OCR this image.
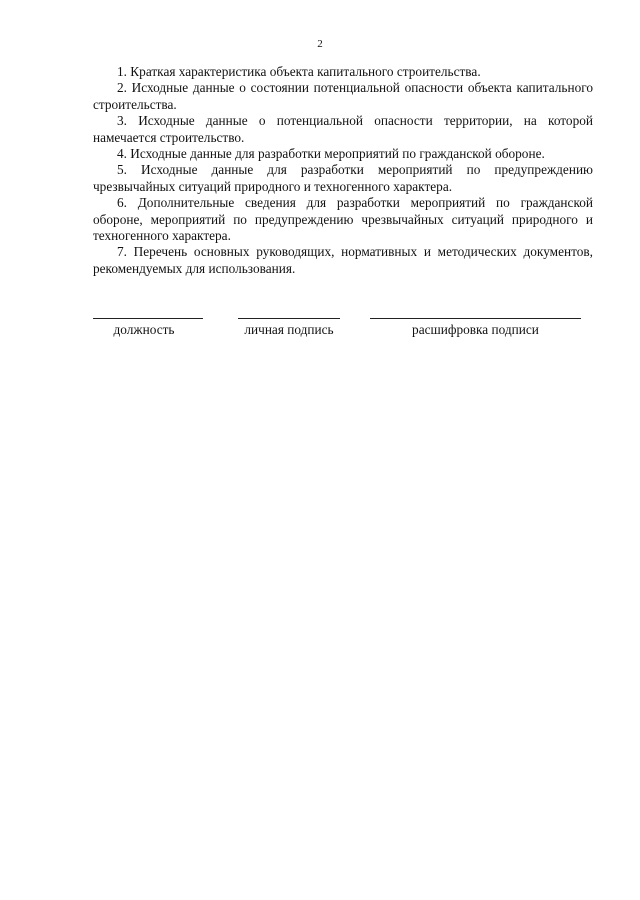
2

1. Краткая характеристика объекта капитального строительства.

2. Исходные данные о состоянии потенциальной опасности объекта капитального строительства.

3. Исходные данные о потенциальной опасности территории, на которой намечается строительство.

4. Исходные данные для разработки мероприятий по гражданской обороне.

5. Исходные данные для разработки мероприятий по предупреждению чрезвычайных ситуаций природного и техногенного характера.

6. Дополнительные сведения для разработки мероприятий по гражданской обороне, мероприятий по предупреждению чрезвычайных ситуаций природного и техногенного характера.

7. Перечень основных руководящих, нормативных и методических документов, рекомендуемых для использования.

должность	личная подпись	расшифровка подписи
